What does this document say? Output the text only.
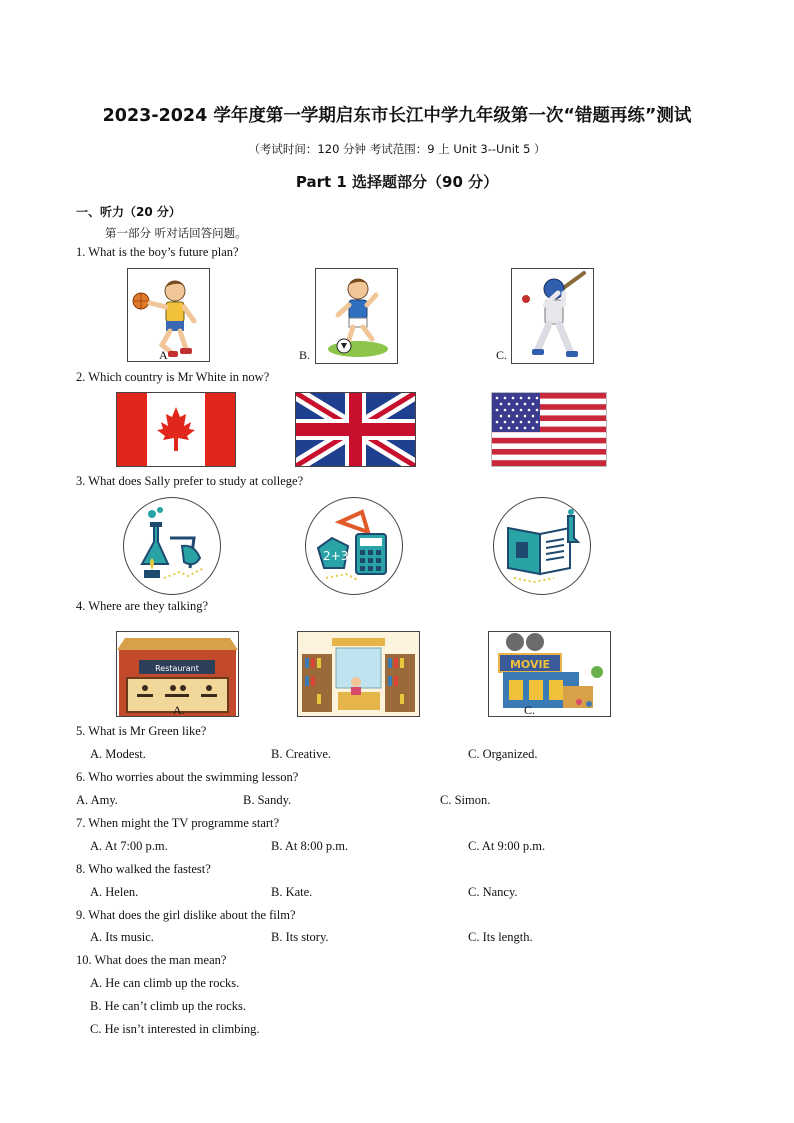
2023-2024 学年度第一学期启东市长江中学九年级第一次“错题再练”测试
（考试时间：120 分钟 考试范围：9 上 Unit 3--Unit 5 ）
Part 1 选择题部分（90 分）
一、听力（20 分）
第一部分 听对话回答问题。
1. What is the boy’s future plan?
A	B.	C.
2. Which country is Mr White in now?
3. What does Sally prefer to study at college?
2+3
4. Where are they talking?
Restaurant
A.
MOVIE
C.
5. What is Mr Green like?
A. Modest.	B. Creative.	C. Organized.
6. Who worries about the swimming lesson?
A. Amy.	B. Sandy.	C. Simon.
7. When might the TV programme start?
A. At 7:00 p.m.	B. At 8:00 p.m.	C. At 9:00 p.m.
8. Who walked the fastest?
A. Helen.	B. Kate.	C. Nancy.
9. What does the girl dislike about the film?
A. Its music.	B. Its story.	C. Its length.
10. What does the man mean?
A. He can climb up the rocks.
B. He can’t climb up the rocks.
C. He isn’t interested in climbing.
